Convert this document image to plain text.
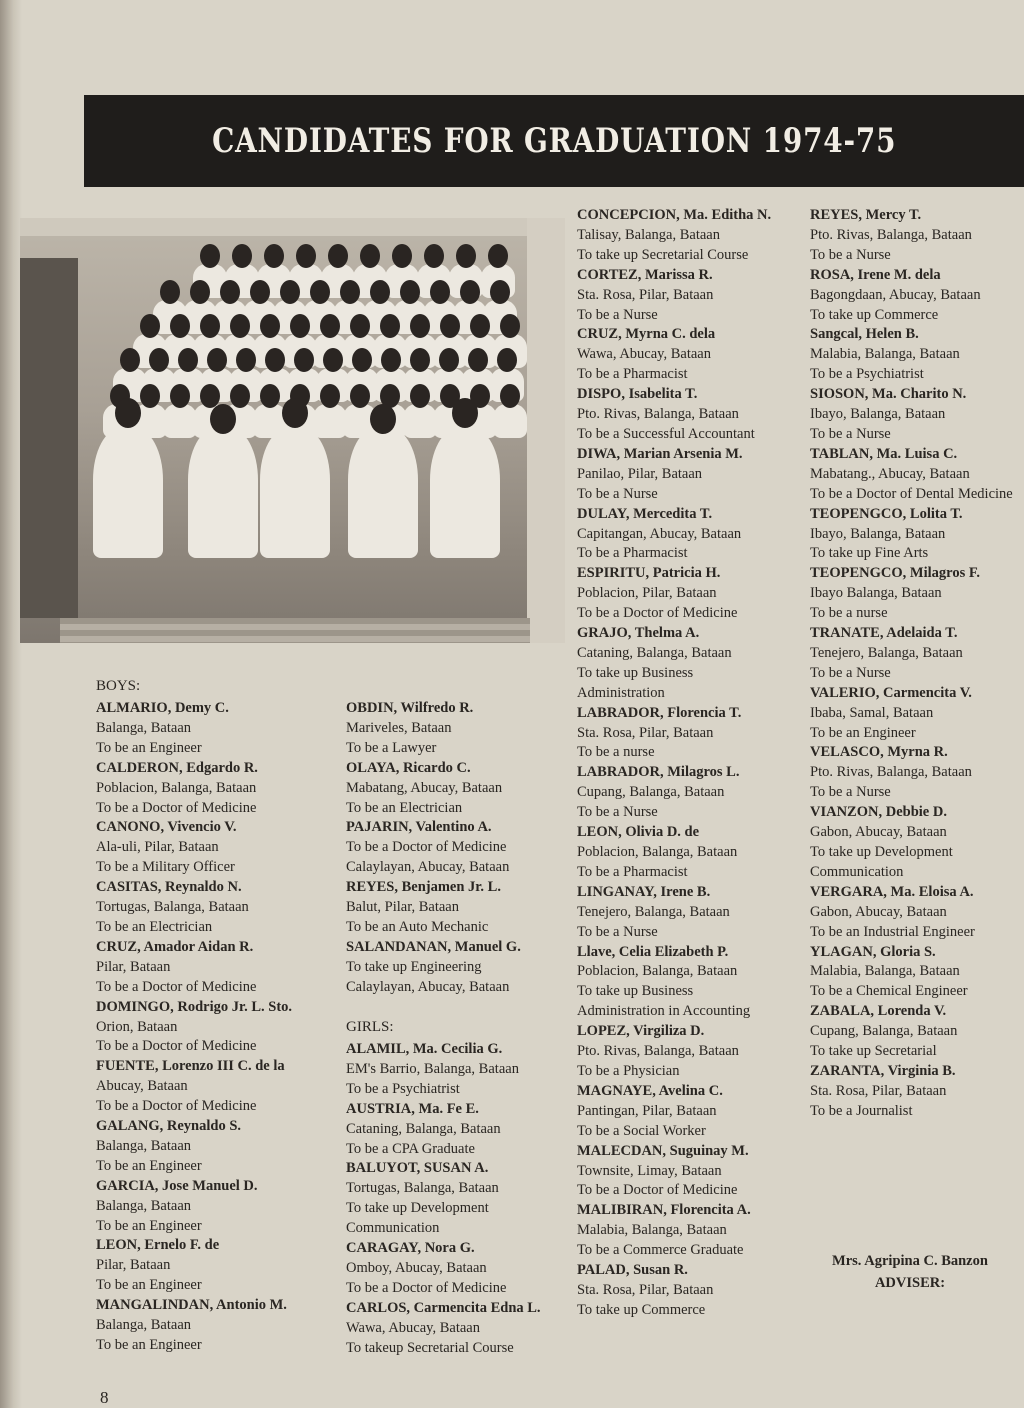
CANDIDATES FOR GRADUATION 1974-75
BOYS:
ALMARIO, Demy C.
Balanga, Bataan
To be an Engineer
CALDERON, Edgardo R.
Poblacion, Balanga, Bataan
To be a Doctor of Medicine
CANONO, Vivencio V.
Ala-uli, Pilar, Bataan
To be a Military Officer
CASITAS, Reynaldo N.
Tortugas, Balanga, Bataan
To be an Electrician
CRUZ, Amador Aidan R.
Pilar, Bataan
To be a Doctor of Medicine
DOMINGO, Rodrigo Jr. L. Sto.
Orion, Bataan
To be a Doctor of Medicine
FUENTE, Lorenzo III C. de la
Abucay, Bataan
To be a Doctor of Medicine
GALANG, Reynaldo S.
Balanga, Bataan
To be an Engineer
GARCIA, Jose Manuel D.
Balanga, Bataan
To be an Engineer
LEON, Ernelo F. de
Pilar, Bataan
To be an Engineer
MANGALINDAN, Antonio M.
Balanga, Bataan
To be an Engineer
OBDIN, Wilfredo R.
Mariveles, Bataan
To be a Lawyer
OLAYA, Ricardo C.
Mabatang, Abucay, Bataan
To be an Electrician
PAJARIN, Valentino A.
To be a Doctor of Medicine
Calaylayan, Abucay, Bataan
REYES, Benjamen Jr. L.
Balut, Pilar, Bataan
To be an Auto Mechanic
SALANDANAN, Manuel G.
To take up Engineering
Calaylayan, Abucay, Bataan
GIRLS:
ALAMIL, Ma. Cecilia G.
EM's Barrio, Balanga, Bataan
To be a Psychiatrist
AUSTRIA, Ma. Fe E.
Cataning, Balanga, Bataan
To be a CPA Graduate
BALUYOT, SUSAN A.
Tortugas, Balanga, Bataan
To take up Development
Communication
CARAGAY, Nora G.
Omboy, Abucay, Bataan
To be a Doctor of Medicine
CARLOS, Carmencita Edna L.
Wawa, Abucay, Bataan
To takeup Secretarial Course
CONCEPCION, Ma. Editha N.
Talisay, Balanga, Bataan
To take up Secretarial Course
CORTEZ, Marissa R.
Sta. Rosa, Pilar, Bataan
To be a Nurse
CRUZ, Myrna C. dela
Wawa, Abucay, Bataan
To be a Pharmacist
DISPO, Isabelita T.
Pto. Rivas, Balanga, Bataan
To be a Successful Accountant
DIWA, Marian Arsenia M.
Panilao, Pilar, Bataan
To be a Nurse
DULAY, Mercedita T.
Capitangan, Abucay, Bataan
To be a Pharmacist
ESPIRITU, Patricia H.
Poblacion, Pilar, Bataan
To be a Doctor of Medicine
GRAJO, Thelma A.
Cataning, Balanga, Bataan
To take up Business
Administration
LABRADOR, Florencia T.
Sta. Rosa, Pilar, Bataan
To be a nurse
LABRADOR, Milagros L.
Cupang, Balanga, Bataan
To be a Nurse
LEON, Olivia D. de
Poblacion, Balanga, Bataan
To be a Pharmacist
LINGANAY, Irene B.
Tenejero, Balanga, Bataan
To be a Nurse
Llave, Celia Elizabeth P.
Poblacion, Balanga, Bataan
To take up Business
Administration in Accounting
LOPEZ, Virgiliza D.
Pto. Rivas, Balanga, Bataan
To be a Physician
MAGNAYE, Avelina C.
Pantingan, Pilar, Bataan
To be a Social Worker
MALECDAN, Suguinay M.
Townsite, Limay, Bataan
To be a Doctor of Medicine
MALIBIRAN, Florencita A.
Malabia, Balanga, Bataan
To be a Commerce Graduate
PALAD, Susan R.
Sta. Rosa, Pilar, Bataan
To take up Commerce
REYES, Mercy T.
Pto. Rivas, Balanga, Bataan
To be a Nurse
ROSA, Irene M. dela
Bagongdaan, Abucay, Bataan
To take up Commerce
Sangcal, Helen B.
Malabia, Balanga, Bataan
To be a Psychiatrist
SIOSON, Ma. Charito N.
Ibayo, Balanga, Bataan
To be a Nurse
TABLAN, Ma. Luisa C.
Mabatang., Abucay, Bataan
To be a Doctor of Dental Medicine
TEOPENGCO, Lolita T.
Ibayo, Balanga, Bataan
To take up Fine Arts
TEOPENGCO, Milagros F.
Ibayo Balanga, Bataan
To be a nurse
TRANATE, Adelaida T.
Tenejero, Balanga, Bataan
To be a Nurse
VALERIO, Carmencita V.
Ibaba, Samal, Bataan
To be an Engineer
VELASCO, Myrna R.
Pto. Rivas, Balanga, Bataan
To be a Nurse
VIANZON, Debbie D.
Gabon, Abucay, Bataan
To take up Development
Communication
VERGARA, Ma. Eloisa A.
Gabon, Abucay, Bataan
To be an Industrial Engineer
YLAGAN, Gloria S.
Malabia, Balanga, Bataan
To be a Chemical Engineer
ZABALA, Lorenda V.
Cupang, Balanga, Bataan
To take up Secretarial
ZARANTA, Virginia B.
Sta. Rosa, Pilar, Bataan
To be a Journalist
Mrs. Agripina C. Banzon
ADVISER:
8
